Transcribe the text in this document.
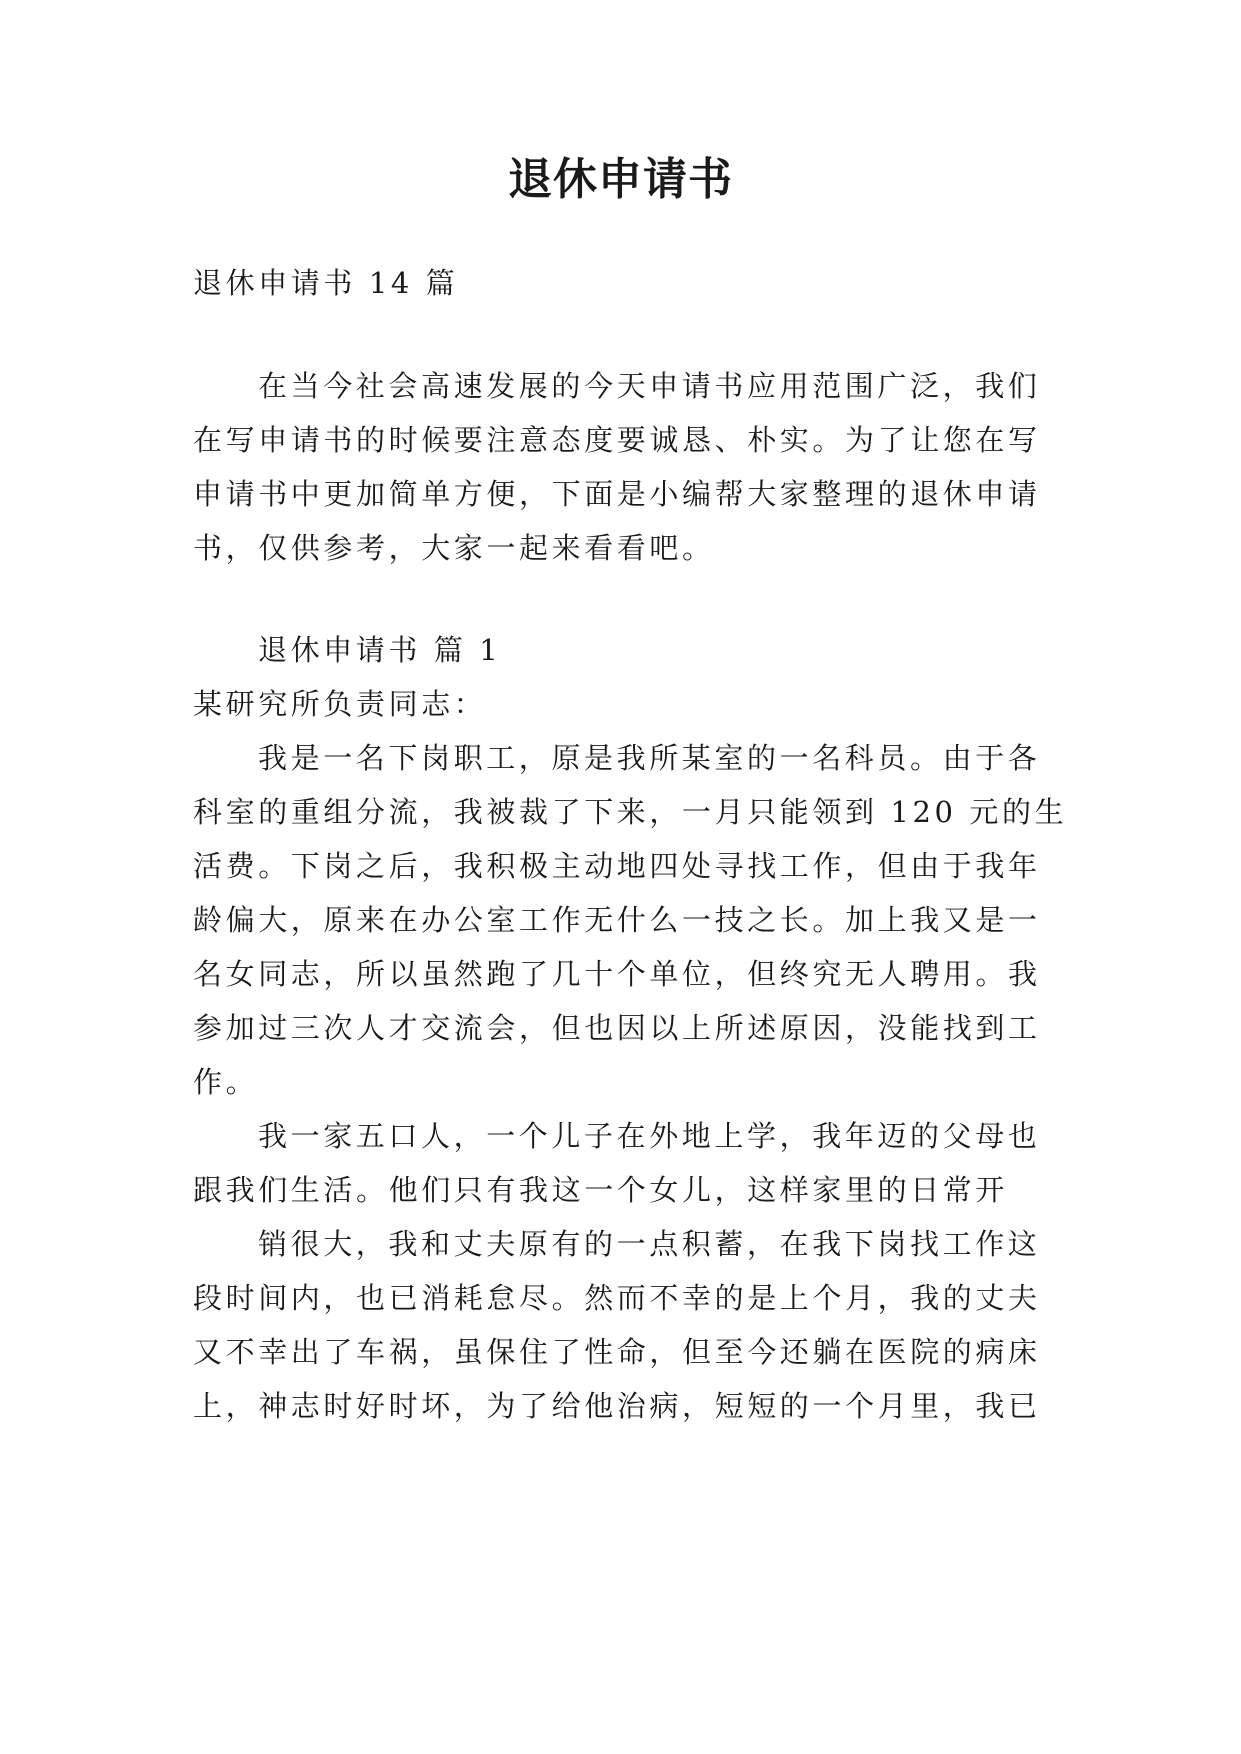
退休申请书
退休申请书 14 篇
在当今社会高速发展的今天申请书应用范围广泛，我们
在写申请书的时候要注意态度要诚恳、朴实。为了让您在写
申请书中更加简单方便，下面是小编帮大家整理的退休申请
书，仅供参考，大家一起来看看吧。
退休申请书 篇 1
某研究所负责同志：
我是一名下岗职工，原是我所某室的一名科员。由于各
科室的重组分流，我被裁了下来，一月只能领到 120 元的生
活费。下岗之后，我积极主动地四处寻找工作，但由于我年
龄偏大，原来在办公室工作无什么一技之长。加上我又是一
名女同志，所以虽然跑了几十个单位，但终究无人聘用。我
参加过三次人才交流会，但也因以上所述原因，没能找到工
作。
我一家五口人，一个儿子在外地上学，我年迈的父母也
跟我们生活。他们只有我这一个女儿，这样家里的日常开
销很大，我和丈夫原有的一点积蓄，在我下岗找工作这
段时间内，也已消耗怠尽。然而不幸的是上个月，我的丈夫
又不幸出了车祸，虽保住了性命，但至今还躺在医院的病床
上，神志时好时坏，为了给他治病，短短的一个月里，我已
